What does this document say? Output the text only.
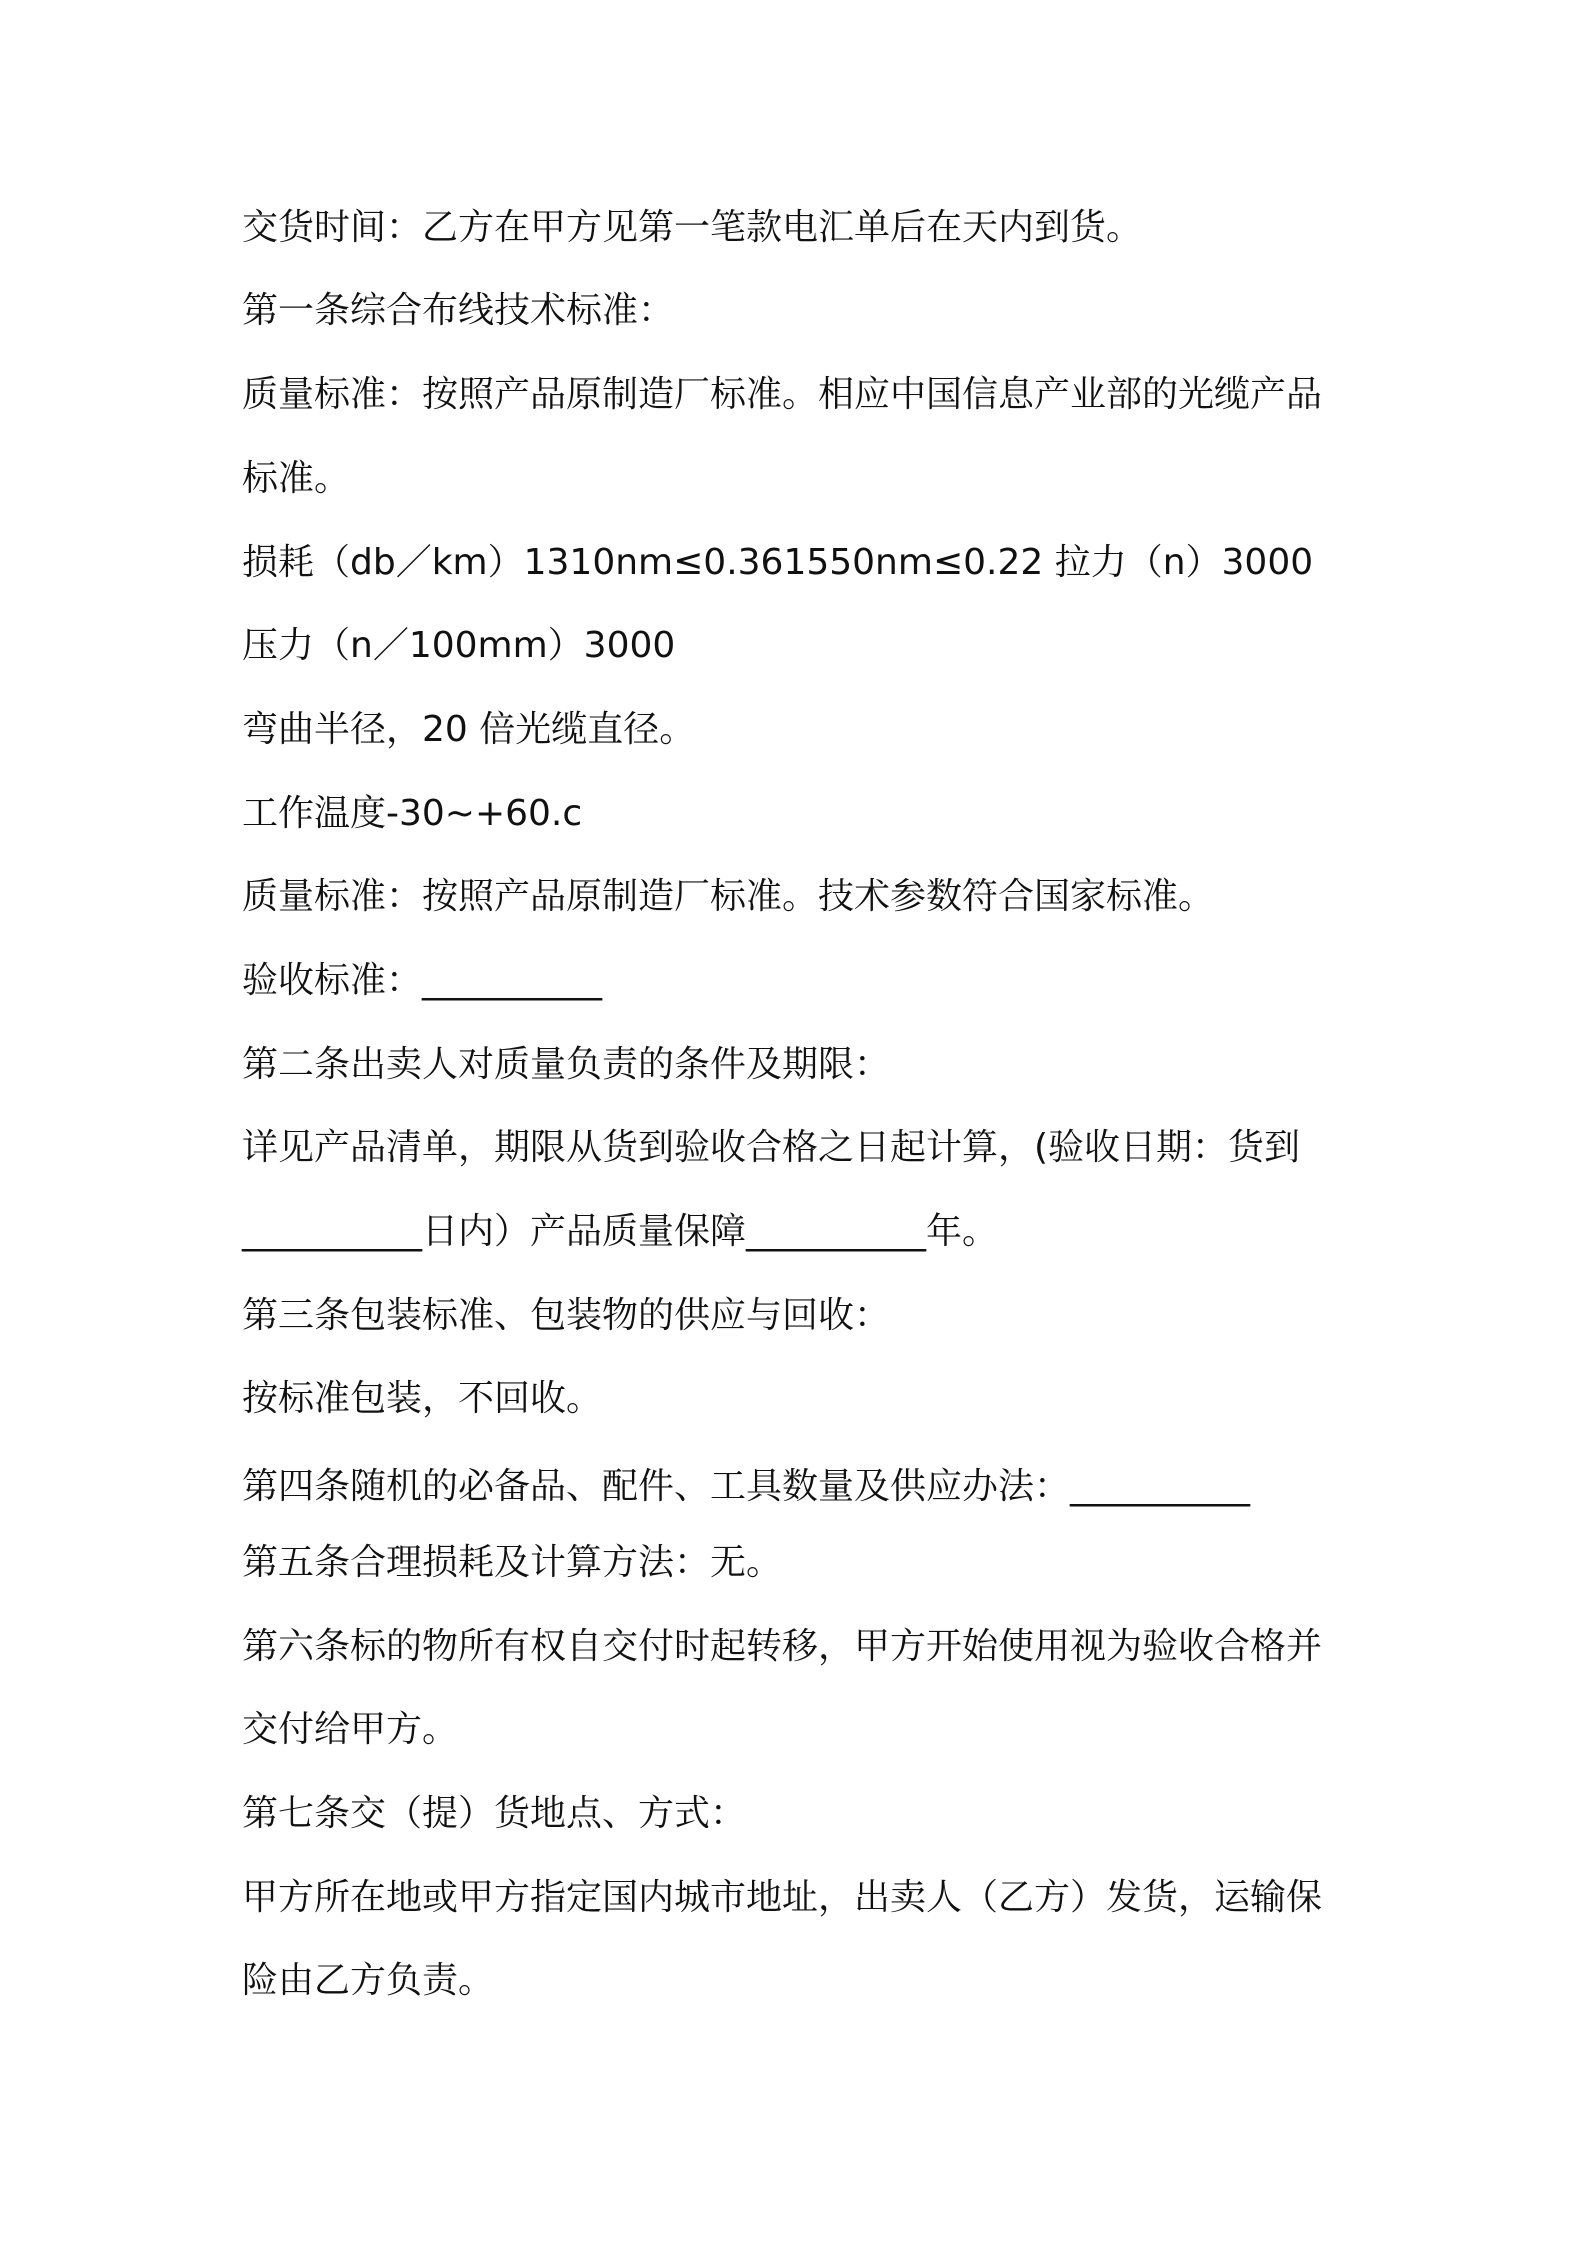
交货时间：乙方在甲方见第一笔款电汇单后在天内到货。
第一条综合布线技术标准：
质量标准：按照产品原制造厂标准。相应中国信息产业部的光缆产品
标准。
损耗（db／km）1310nm≤0.361550nm≤0.22 拉力（n）3000
压力（n／100mm）3000
弯曲半径，20 倍光缆直径。
工作温度-30~+60.c
质量标准：按照产品原制造厂标准。技术参数符合国家标准。
验收标准：__________
第二条出卖人对质量负责的条件及期限：
详见产品清单，期限从货到验收合格之日起计算，(验收日期：货到
__________日内）产品质量保障__________年。
第三条包装标准、包装物的供应与回收：
按标准包装，不回收。
第四条随机的必备品、配件、工具数量及供应办法：__________
第五条合理损耗及计算方法：无。
第六条标的物所有权自交付时起转移，甲方开始使用视为验收合格并
交付给甲方。
第七条交（提）货地点、方式：
甲方所在地或甲方指定国内城市地址，出卖人（乙方）发货，运输保
险由乙方负责。
